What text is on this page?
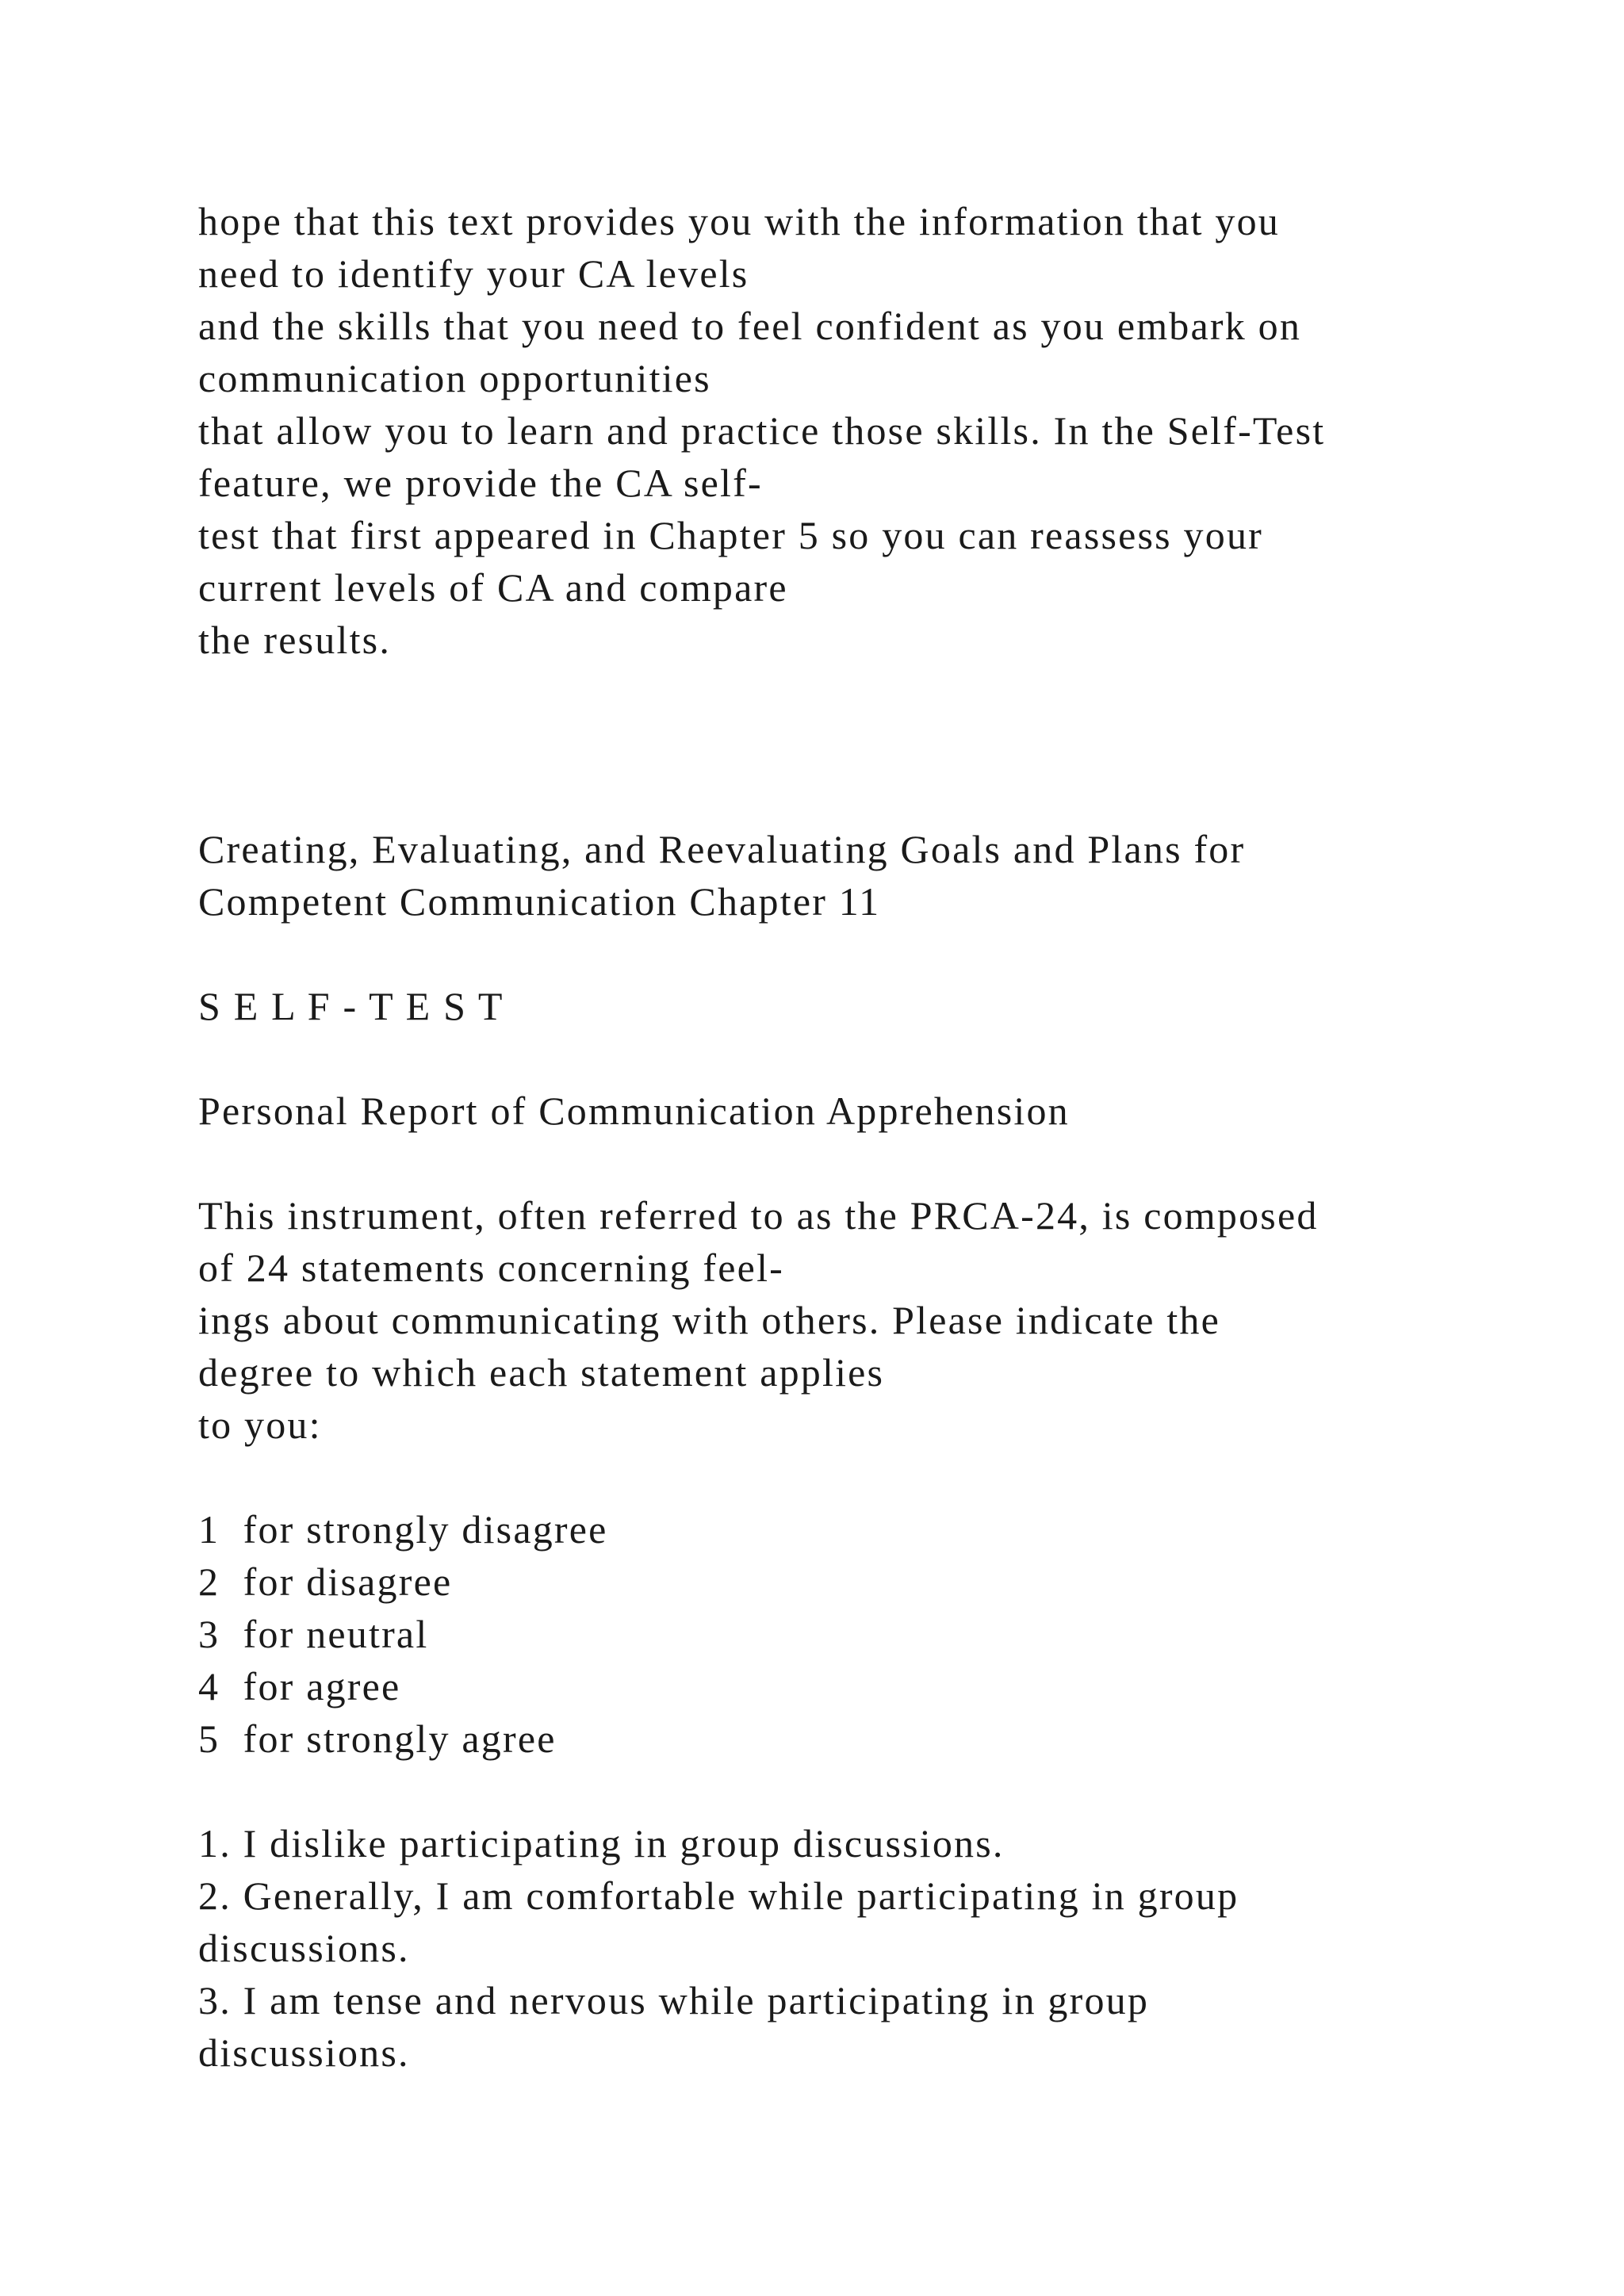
hope that this text provides you with the information that you
need to identify your CA levels
and the skills that you need to feel confident as you embark on
communication opportunities
that allow you to learn and practice those skills. In the Self-Test
feature, we provide the CA self-
test that first appeared in Chapter 5 so you can reassess your
current levels of CA and compare
the results.
Creating, Evaluating, and Reevaluating Goals and Plans for
Competent Communication Chapter 11
S E L F - T E S T
Personal Report of Communication Apprehension
This instrument, often referred to as the PRCA-24, is composed
of 24 statements concerning feel-
ings about communicating with others. Please indicate the
degree to which each statement applies
to you:
1  for strongly disagree
2  for disagree
3  for neutral
4  for agree
5  for strongly agree
1. I dislike participating in group discussions.
2. Generally, I am comfortable while participating in group
discussions.
3. I am tense and nervous while participating in group
discussions.
